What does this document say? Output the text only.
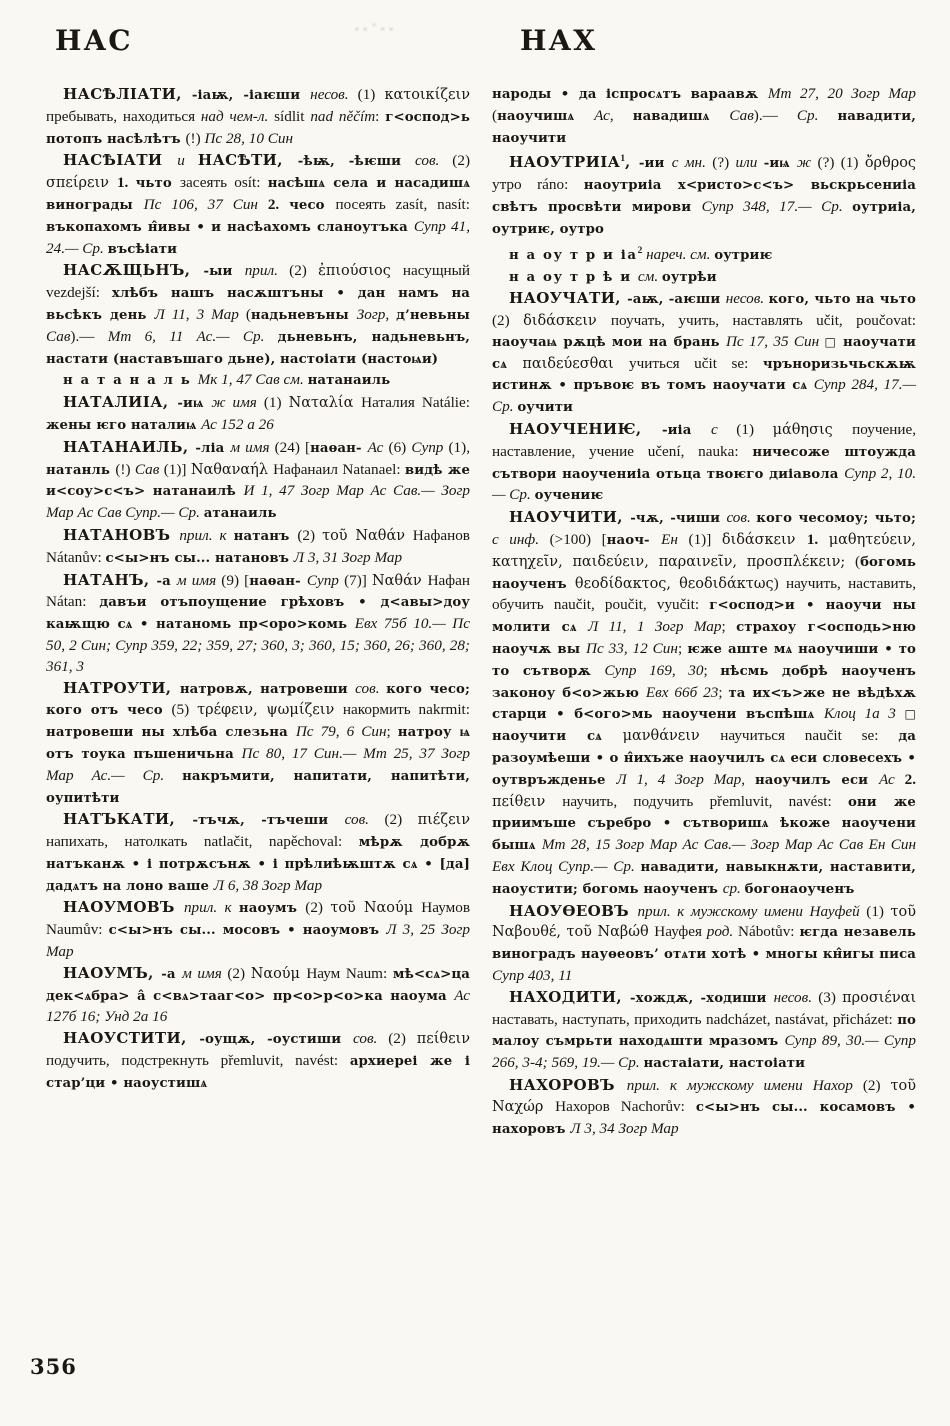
НАС	∙·˙∙·	НАХ

НАСѢЛІАТИ, -іаѭ, -іаѥши несов. (1) κατοικίζειν пребывать, находиться над чем-л. sídlit nad něčím: г<оспод>ь потопъ насѣлѣтъ (!) Пс 28, 10 Син

НАСѢІАТИ и НАСѢТИ, -ѣѭ, -ѣѥши сов. (2) σπείρειν 1. чьто засеять osít: насѣшѧ села и насадишѧ винограды Пс 106, 37 Син 2. чесо посеять zasít, nasít: въкопахомъ н̂ивы • и насѣахомъ сланоутъка Супр 41, 24.— Ср. въсѣіати

НАСѪЩЬНЪ, -ыи прил. (2) ἐπιούσιος насущный vezdejší: хлѣбъ нашъ насѫштъны • дан намъ на вьсѣкъ день Л 11, 3 Мар (надьневъны Зогр, д’невьны Сав).— Мт 6, 11 Ас.— Ср. дьневьнъ, надьневьнъ, настати (наставъшаго дьне), настоіати (настоѩи)

н а т а н а л ь Мк 1, 47 Сав см. натанаиль

НАТАЛИІА, -иѩ ж имя (1) Ναταλία Наталия Natálie: жены ѥго наталиѩ Ас 152 а 26

НАТАНАИЛЬ, -ліа м имя (24) [наѳан- Ас (6) Супр (1), натанль (!) Сав (1)] Ναθαναήλ Нафанаил Natanael: видѣ же и<соу>с<ъ> натанаилѣ И 1, 47 Зогр Мар Ас Сав.— Зогр Мар Ас Сав Супр.— Ср. атанаиль

НАТАНОВЪ прил. к натанъ (2) τοῦ Ναθάν Нафанов Nátanův: с<ы>нъ сы... натановъ Л 3, 31 Зогр Мар

НАТАНЪ, -а м имя (9) [наѳан- Супр (7)] Ναθάν Нафан Nátan: давъи отъпоущение грѣховъ • д<авы>доу каѭщю сѧ • натаномь пр<оро>комь Евх 75б 10.— Пс 50, 2 Син; Супр 359, 22; 359, 27; 360, 3; 360, 15; 360, 26; 360, 28; 361, 3

НАТРОУТИ, натровѫ, натровеши сов. кого чесо; кого отъ чесо (5) τρέφειν, ψωμίζειν накормить nakrmit: натровеши ны хлѣба слезьна Пс 79, 6 Син; натроу ѩ отъ тоука пъшеничьна Пс 80, 17 Син.— Мт 25, 37 Зогр Мар Ас.— Ср. накръмити, напитати, напитѣти, оупитѣти

НАТЪКАТИ, -тъчѫ, -тъчеши сов. (2) πιέζειν напихать, натолкать natlačit, napěchoval: мѣрѫ добрѫ натъканѫ • і потрѫсънѫ • і прѣлиѣѭштѫ сѧ • [да] дадѧтъ на лоно ваше Л 6, 38 Зогр Мар

НАОУМОВЪ прил. к наоумъ (2) τοῦ Ναούμ Наумов Naumův: с<ы>нъ сы... мосовъ • наоумовъ Л 3, 25 Зогр Мар

НАОУМЪ, -а м имя (2) Ναούμ Наум Naum: мѣ<сѧ>ца дек<ѧбра> а̂ с<вѧ>тааг<о> пр<о>р<о>ка наоума Ас 127б 16; Унд 2а 16

НАОУСТИТИ, -оущѫ, -оустиши сов. (2) πείθειν подучить, подстрекнуть přemluvit, navést: архиереі же і стар’ци • наоустишѧ

народы • да іспросѧтъ вараавѫ Мт 27, 20 Зогр Мар (наоучишѧ Ас, навадишѧ Сав).— Ср. навадити, наоучити

НАОУТРИІА$^1$, -ии с мн. (?) или -иѩ ж (?) (1) ὄρθρος утро ráno: наоутриіа х<ристо>с<ъ> вьскрьсениіа свѣтъ просвѣти мирови Супр 348, 17.— Ср. оутриіа, оутриѥ, оутро

н а оу т р и $іа^2$ нареч. см. оутриѥ

н а оу т р ѣ и см. оутрѣи

НАОУЧАТИ, -аѭ, -аѥши несов. кого, чьто на чьто (2) διδάσκειν поучать, учить, наставлять učit, poučovat: наоучаѩ рѫцѣ мои на брань Пс 17, 35 Син □ наоучати сѧ παιδεύεσθαι учиться učit se: чръноризьчьскѫѭ истинѫ • пръвоѥ въ томъ наоучати сѧ Супр 284, 17.— Ср. оучити

НАОУЧЕНИѤ, -иіа с (1) μάθησις поучение, наставление, учение učení, nauka: ничесоже штоужда сътвори наоучениіа отьца твоѥго диіавола Супр 2, 10.— Ср. оучениѥ

НАОУЧИТИ, -чѫ, -чиши сов. кого чесомоу; чьто; с инф. (>100) [наоч- Ен (1)] διδάσκειν 1. μαθητεύειν, κατηχεῖν, παιδεύειν, παραινεῖν, προσπλέκειν; (богомь наоученъ θεοδίδακτος, θεοδιδάκτως) научить, наставить, обучить naučit, poučit, vyučit: г<оспод>и • наоучи ны молити сѧ Л 11, 1 Зогр Мар; страхоу г<осподь>ню наоучѫ вы Пс 33, 12 Син; ѥже аште мѧ наоучиши • то то сътворѫ Супр 169, 30; нѣсмь добрѣ наоученъ законоу б<о>жью Евх 66б 23; та их<ъ>же не вѣдѣхѫ старци • б<ого>мь наоучени въспѣшѧ Клоц 1а 3 □ наоучити сѧ μανθάνειν научиться naučit se: да разоумѣеши • о н̂ихъже наоучилъ сѧ еси словесехъ • оутвръжденье Л 1, 4 Зогр Мар, наоучилъ еси Ас 2. πείθειν научить, подучить přemluvit, navést: они же приимъше съребро • сътворишѧ ѣкоже наоучени бышѧ Мт 28, 15 Зогр Мар Ас Сав.— Зогр Мар Ас Сав Ен Син Евх Клоц Супр.— Ср. навадити, навыкнѫти, наставити, наоустити; богомь наоученъ ср. богонаоученъ

НАОУѲЕОВЪ прил. к мужскому имени Науфей (1) τοῦ Ναβουθέ, τοῦ Ναβώθ Науфея род. Nábotův: ѥгда незавель виноградъ науѳеовъ’ отѧти хотѣ • многы кн̂игы писа Супр 403, 11

НАХОДИТИ, -хождѫ, -ходиши несов. (3) προσιέναι наставать, наступать, приходить nadcházet, nastávat, přicházet: по малоу съмрьти находѧшти мразомъ Супр 89, 30.— Супр 266, 3-4; 569, 19.— Ср. настаіати, настоіати

НАХОРОВЪ прил. к мужскому имени Нахор (2) τοῦ Ναχώρ Нахоров Nachorův: с<ы>нъ сы... косамовъ • нахоровъ Л 3, 34 Зогр Мар

356
